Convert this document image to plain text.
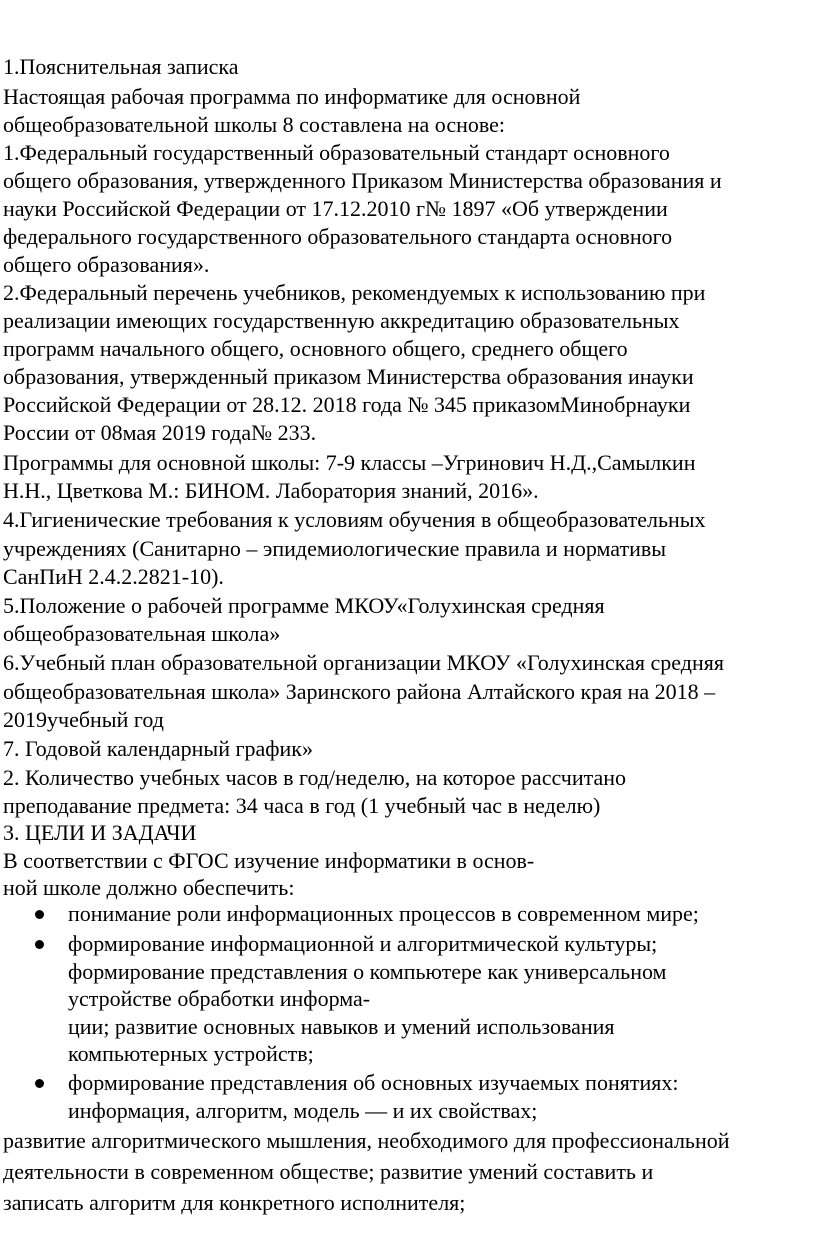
1.Пояснительная записка
Настоящая рабочая программа по информатике для основной
общеобразовательной школы 8 составлена на основе:
1.Федеральный государственный образовательный стандарт основного
общего образования, утвержденного Приказом Министерства образования и
науки Российской Федерации от 17.12.2010 г№ 1897 «Об утверждении
федерального государственного образовательного стандарта основного
общего образования».
2.Федеральный перечень учебников, рекомендуемых к использованию при
реализации имеющих государственную аккредитацию образовательных
программ начального общего, основного общего, среднего общего
образования, утвержденный приказом Министерства образования инауки
Российской Федерации от 28.12. 2018 года № 345 приказомМинобрнауки
России от 08мая 2019 года№ 233.
Программы для основной школы: 7-9 классы –Угринович Н.Д.,Самылкин
Н.Н., Цветкова М.: БИНОМ. Лаборатория знаний, 2016».
4.Гигиенические требования к условиям обучения в общеобразовательных
учреждениях (Санитарно – эпидемиологические правила и нормативы
СанПиН 2.4.2.2821-10).
5.Положение о рабочей программе МКОУ«Голухинская средняя
общеобразовательная школа»
6.Учебный план образовательной организации МКОУ «Голухинская средняя
общеобразовательная школа» Заринского района Алтайского края на 2018 –
2019учебный год
7. Годовой календарный график»
2. Количество учебных часов в год/неделю, на которое рассчитано
преподавание предмета: 34 часа в год (1 учебный час в неделю)
3. ЦЕЛИ И ЗАДАЧИ
В соответствии с ФГОС изучение информатики в основ-
ной школе должно обеспечить:
понимание роли информационных процессов в современном мире;
формирование информационной и алгоритмической культуры;
формирование представления о компьютере как универсальном
устройстве обработки информа-
ции; развитие основных навыков и умений использования
компьютерных устройств;
формирование представления об основных изучаемых понятиях:
информация, алгоритм, модель — и их свойствах;
развитие алгоритмического мышления, необходимого для профессиональной
деятельности в современном обществе; развитие умений составить и
записать алгоритм для конкретного исполнителя;
